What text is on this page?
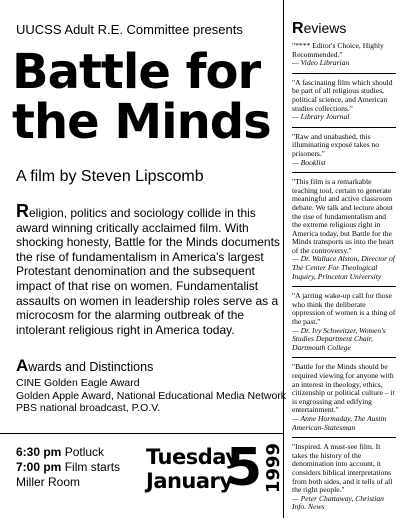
UUCSS Adult R.E. Committee presents
Battle for
the Minds
A film by Steven Lipscomb

Religion, politics and sociology collide in this award winning critically acclaimed film. With shocking honesty, Battle for the Minds documents the rise of fundamentalism in America's largest Protestant denomination and the subsequent impact of that rise on women. Fundamentalist assaults on women in leadership roles serve as a microcosm for the alarming outbreak of the intolerant religious right in America today.

Awards and Distinctions
CINE Golden Eagle Award
Golden Apple Award, National Educational Media Network
PBS national broadcast, P.O.V.
6:30 pm Potluck
7:00 pm Film starts
Miller Room
Tuesday
January
5 1999
Reviews
"**** Editor's Choice, Highly Recommended."
— Video Librarian
"A fascinating film which should be part of all religious studies, political science, and American studies collections."
— Library Journal
"Raw and unabashed, this illuminating exposé takes no prisoners."
— Booklist
"This film is a remarkable teaching tool, certain to generate meaningful and active classroom debate. We talk and lecture about the rise of fundamentalism and the extreme religious right in America today, but Battle for the Minds transports us into the heart of the controversy."
— Dr. Wallace Alston, Director of The Center For Theological Inquiry, Princeton University
"A jarring wake-up call for those who think the deliberate oppression of women is a thing of the past."
— Dr. Ivy Schweitzer, Women's Studies Department Chair, Dartmouth College
"Battle for the Minds should be required viewing for anyone with an interest in theology, ethics, citizenship or political culture – it is engrossing and edifying entertainment."
— Anne Hormaday, The Austin American-Statesman
"Inspired. A must-see film. It takes the history of the denomination into account, it considers biblical interpretations from both sides, and it tells of all the right people."
— Peter Chattaway, Christian Info. News
